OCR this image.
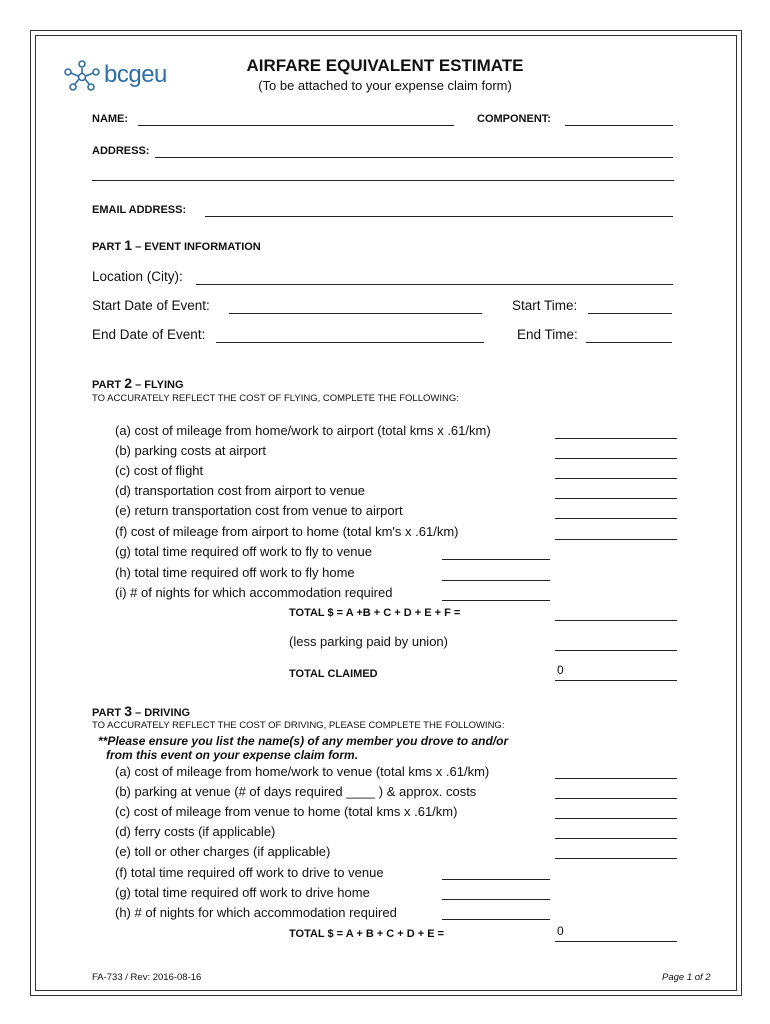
bcgeu	AIRFARE EQUIVALENT ESTIMATE
(To be attached to your expense claim form)
NAME:	COMPONENT:
ADDRESS:
EMAIL ADDRESS:
PART 1 – EVENT INFORMATION
Location (City):
Start Date of Event:	Start Time:
End Date of Event:	End Time:
PART 2 – FLYING
TO ACCURATELY REFLECT THE COST OF FLYING, COMPLETE THE FOLLOWING:
(a) cost of mileage from home/work to airport (total kms x .61/km)
(b) parking costs at airport
(c) cost of flight
(d) transportation cost from airport to venue
(e) return transportation cost from venue to airport
(f) cost of mileage from airport to home (total km's x .61/km)
(g) total time required off work to fly to venue
(h) total time required off work to fly home
(i) # of nights for which accommodation required
TOTAL $ = A +B + C + D + E + F =
(less parking paid by union)
TOTAL CLAIMED	0
PART 3 – DRIVING
TO ACCURATELY REFLECT THE COST OF DRIVING, PLEASE COMPLETE THE FOLLOWING:
**Please ensure you list the name(s) of any member you drove to and/or
from this event on your expense claim form.
(a) cost of mileage from home/work to venue (total kms x .61/km)
(b) parking at venue (# of days required ____ ) & approx. costs
(c) cost of mileage from venue to home (total kms x .61/km)
(d) ferry costs (if applicable)
(e) toll or other charges (if applicable)
(f) total time required off work to drive to venue
(g) total time required off work to drive home
(h) # of nights for which accommodation required
TOTAL $ = A + B + C + D + E =	0
FA-733 / Rev: 2016-08-16	Page 1 of 2
